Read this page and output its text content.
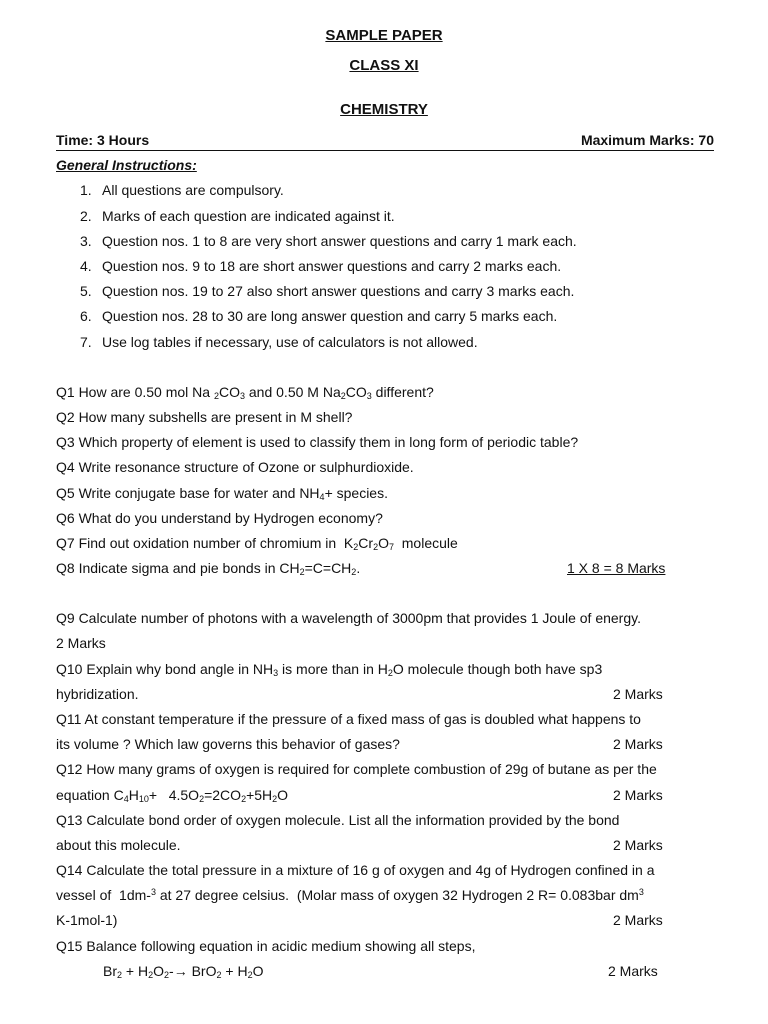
SAMPLE PAPER
CLASS XI
CHEMISTRY
Time: 3 Hours	Maximum Marks: 70
General Instructions:
1. All questions are compulsory.
2. Marks of each question are indicated against it.
3. Question nos. 1 to 8 are very short answer questions and carry 1 mark each.
4. Question nos. 9 to 18 are short answer questions and carry 2 marks each.
5. Question nos. 19 to 27 also short answer questions and carry 3 marks each.
6. Question nos. 28 to 30 are long answer question and carry 5 marks each.
7. Use log tables if necessary, use of calculators is not allowed.
Q1 How are 0.50 mol Na $_2CO_3$ and 0.50 M $Na_2CO_3$ different?
Q2 How many subshells are present in M shell?
Q3 Which property of element is used to classify them in long form of periodic table?
Q4 Write resonance structure of Ozone or sulphurdioxide.
Q5 Write conjugate base for water and $NH_4+$ species.
Q6 What do you understand by Hydrogen economy?
Q7 Find out oxidation number of chromium in  $K_2Cr_2O_7$  molecule
Q8 Indicate sigma and pie bonds in $CH_2=C=CH_2$.	1 X 8 = 8 Marks
Q9 Calculate number of photons with a wavelength of 3000pm that provides 1 Joule of energy.
2 Marks
Q10 Explain why bond angle in $NH_3$ is more than in $H_2O$ molecule though both have sp3
hybridization.	2 Marks
Q11 At constant temperature if the pressure of a fixed mass of gas is doubled what happens to
its volume ? Which law governs this behavior of gases?	2 Marks
Q12 How many grams of oxygen is required for complete combustion of 29g of butane as per the
equation $C_4H_{10}+ 4.5O_2=2CO_2+5H_2O$	2 Marks
Q13 Calculate bond order of oxygen molecule. List all the information provided by the bond
about this molecule.	2 Marks
Q14 Calculate the total pressure in a mixture of 16 g of oxygen and 4g of Hydrogen confined in a
vessel of  1dm-$^3$ at 27 degree celsius.  (Molar mass of oxygen 32 Hydrogen 2 R= 0.083bar $dm^3$
K-1mol-1)	2 Marks
Q15 Balance following equation in acidic medium showing all steps,
$Br_2 + H_2O_2-\to BrO_2 + H_2O$	2 Marks
